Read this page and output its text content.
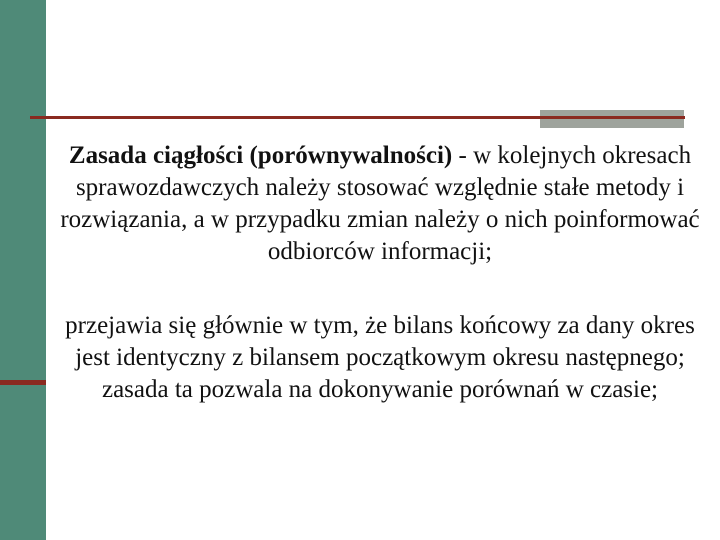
Zasada ciągłości (porównywalności) - w kolejnych okresach sprawozdawczych należy stosować względnie stałe metody i rozwiązania, a w przypadku zmian należy o nich poinformować odbiorców informacji;

przejawia się głównie w tym, że bilans końcowy za dany okres jest identyczny z bilansem początkowym okresu następnego; zasada ta pozwala na dokonywanie porównań w czasie;
